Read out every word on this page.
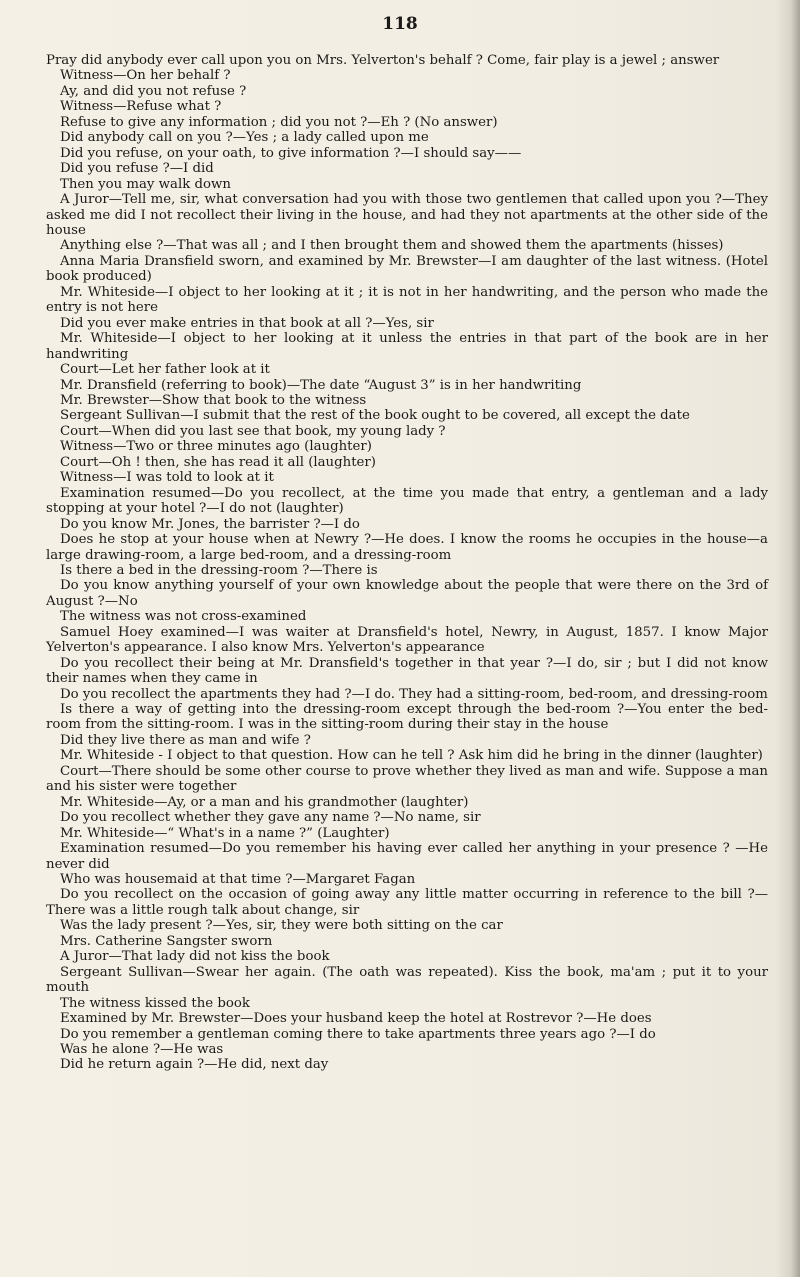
118

Pray did anybody ever call upon you on Mrs. Yelverton's behalf ? Come, fair play is a jewel ; answer

Witness—On her behalf ?

Ay, and did you not refuse ?

Witness—Refuse what ?

Refuse to give any information ; did you not ?—Eh ? (No answer)

Did anybody call on you ?—Yes ; a lady called upon me

Did you refuse, on your oath, to give information ?—I should say——

Did you refuse ?—I did

Then you may walk down

A Juror—Tell me, sir, what conversation had you with those two gentlemen that called upon you ?—They asked me did I not recollect their living in the house, and had they not apartments at the other side of the house

Anything else ?—That was all ; and I then brought them and showed them the apartments (hisses)

Anna Maria Dransfield sworn, and examined by Mr. Brewster—I am daughter of the last witness. (Hotel book produced)

Mr. Whiteside—I object to her looking at it ; it is not in her handwriting, and the person who made the entry is not here

Did you ever make entries in that book at all ?—Yes, sir

Mr. Whiteside—I object to her looking at it unless the entries in that part of the book are in her handwriting

Court—Let her father look at it

Mr. Dransfield (referring to book)—The date “August 3” is in her handwriting

Mr. Brewster—Show that book to the witness

Sergeant Sullivan—I submit that the rest of the book ought to be covered, all except the date

Court—When did you last see that book, my young lady ?

Witness—Two or three minutes ago (laughter)

Court—Oh ! then, she has read it all (laughter)

Witness—I was told to look at it

Examination resumed—Do you recollect, at the time you made that entry, a gentleman and a lady stopping at your hotel ?—I do not (laughter)

Do you know Mr. Jones, the barrister ?—I do

Does he stop at your house when at Newry ?—He does. I know the rooms he occupies in the house—a large drawing-room, a large bed-room, and a dressing-room

Is there a bed in the dressing-room ?—There is

Do you know anything yourself of your own knowledge about the people that were there on the 3rd of August ?—No

The witness was not cross-examined

Samuel Hoey examined—I was waiter at Dransfield's hotel, Newry, in August, 1857. I know Major Yelverton's appearance. I also know Mrs. Yelverton's appearance

Do you recollect their being at Mr. Dransfield's together in that year ?—I do, sir ; but I did not know their names when they came in

Do you recollect the apartments they had ?—I do. They had a sitting-room, bed-room, and dressing-room

Is there a way of getting into the dressing-room except through the bed-room ?—You enter the bed-room from the sitting-room. I was in the sitting-room during their stay in the house

Did they live there as man and wife ?

Mr. Whiteside - I object to that question. How can he tell ? Ask him did he bring in the dinner (laughter)

Court—There should be some other course to prove whether they lived as man and wife. Suppose a man and his sister were together

Mr. Whiteside—Ay, or a man and his grandmother (laughter)

Do you recollect whether they gave any name ?—No name, sir

Mr. Whiteside—“ What's in a name ?” (Laughter)

Examination resumed—Do you remember his having ever called her anything in your presence ? —He never did

Who was housemaid at that time ?—Margaret Fagan

Do you recollect on the occasion of going away any little matter occurring in reference to the bill ?—There was a little rough talk about change, sir

Was the lady present ?—Yes, sir, they were both sitting on the car

Mrs. Catherine Sangster sworn

A Juror—That lady did not kiss the book

Sergeant Sullivan—Swear her again. (The oath was repeated). Kiss the book, ma'am ; put it to your mouth

The witness kissed the book

Examined by Mr. Brewster—Does your husband keep the hotel at Rostrevor ?—He does

Do you remember a gentleman coming there to take apartments three years ago ?—I do

Was he alone ?—He was

Did he return again ?—He did, next day
